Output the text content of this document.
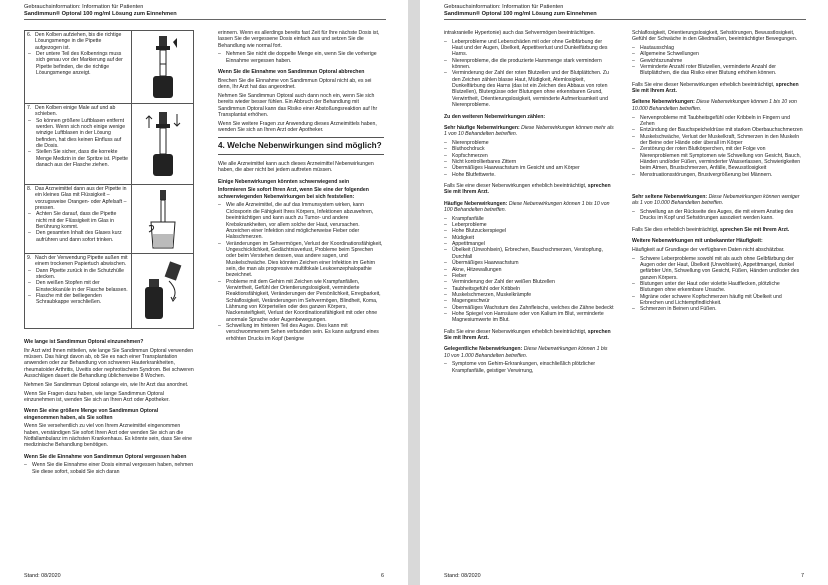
Gebrauchsinformation: Information für Patienten
Sandimmun® Optoral 100 mg/ml Lösung zum Einnehmen
6. Den Kolben aufziehen, bis die richtige Lösungsmenge in die Pipette aufgezogen ist.
– Der untere Teil des Kolbenrings muss sich genau vor der Markierung auf der Pipette befinden, die die richtige Lösungsmenge anzeigt.
7. Den Kolben einige Male auf und ab schieben.
– So können größere Luftblasen entfernt werden. Wenn sich noch einige wenige winzige Luftblasen in der Lösung befinden, hat dies keinen Einfluss auf die Dosis.
– Stellen Sie sicher, dass die korrekte Menge Medizin in der Spritze ist. Pipette danach aus der Flasche ziehen.
8. Das Arzneimittel dann aus der Pipette in ein kleines Glas mit Flüssigkeit – vorzugsweise Orangen- oder Apfelsaft – pressen.
– Achten Sie darauf, dass die Pipette nicht mit der Flüssigkeit im Glas in Berührung kommt.
– Den gesamten Inhalt des Glases kurz aufrühren und dann sofort trinken.
9. Nach der Verwendung Pipette außen mit einem trockenen Papiertuch abwischen.
– Dann Pipette zurück in die Schutzhülle stecken.
– Den weißen Stopfen mit der Einsteckkanüle in der Flasche belassen.
– Flasche mit der beiliegenden Schraubkappe verschließen.

Wie lange ist Sandimmun Optoral einzunehmen?

Ihr Arzt wird Ihnen mitteilen, wie lange Sie Sandimmun Optoral verwenden müssen. Das hängt davon ab, ob Sie es nach einer Transplantation anwenden oder zur Behandlung von schweren Hauterkrankheiten, rheumatoider Arthritis, Uveitis oder nephrotischem Syndrom. Bei schweren Ausschlägen dauert die Behandlung üblicherweise 8 Wochen.

Nehmen Sie Sandimmun Optoral solange ein, wie Ihr Arzt das anordnet.

Wenn Sie Fragen dazu haben, wie lange Sandimmun Optoral einzunehmen ist, wenden Sie sich an Ihren Arzt oder Apotheker.

Wenn Sie eine größere Menge von Sandimmun Optoral eingenommen haben, als Sie sollten

Wenn Sie versehentlich zu viel von Ihrem Arzneimittel eingenommen haben, verständigen Sie sofort Ihren Arzt oder wenden Sie sich an die Notfallambulanz im nächsten Krankenhaus. Es könnte sein, dass Sie eine medizinische Behandlung benötigen.

Wenn Sie die Einnahme von Sandimmun Optoral vergessen haben

– Wenn Sie die Einnahme einer Dosis einmal vergessen haben, nehmen Sie diese sofort, sobald Sie sich daran

erinnern. Wenn es allerdings bereits fast Zeit für Ihre nächste Dosis ist, lassen Sie die vergessene Dosis einfach aus und setzen Sie die Behandlung wie normal fort.

– Nehmen Sie nicht die doppelte Menge ein, wenn Sie die vorherige Einnahme vergessen haben.

Wenn Sie die Einnahme von Sandimmun Optoral abbrechen

Brechen Sie die Einnahme von Sandimmun Optoral nicht ab, es sei denn, Ihr Arzt hat das angeordnet.

Nehmen Sie Sandimmun Optoral auch dann noch ein, wenn Sie sich bereits wieder besser fühlen. Ein Abbruch der Behandlung mit Sandimmun Optoral kann das Risiko einer Abstoßungsreaktion auf Ihr Transplantat erhöhen.

Wenn Sie weitere Fragen zur Anwendung dieses Arzneimittels haben, wenden Sie sich an Ihren Arzt oder Apotheker.

4. Welche Nebenwirkungen sind möglich?

Wie alle Arzneimittel kann auch dieses Arzneimittel Nebenwirkungen haben, die aber nicht bei jedem auftreten müssen.

Einige Nebenwirkungen könnten schwerwiegend sein

Informieren Sie sofort Ihren Arzt, wenn Sie eine der folgenden schwerwiegenden Nebenwirkungen bei sich feststellen:

– Wie alle Arzneimittel, die auf das Immunsystem wirken, kann Ciclosporin die Fähigkeit Ihres Körpers, Infektionen abzuwehren, beeinträchtigen und kann auch zu Tumor- und andere Krebskrankheiten, vor allem solche der Haut, verursachen. Anzeichen einer Infektion sind möglicherweise Fieber oder Halsschmerzen.
– Veränderungen im Sehvermögen, Verlust der Koordinationsfähigkeit, Ungeschicklichkeit, Gedächtnisverlust, Probleme beim Sprechen oder beim Verstehen dessen, was andere sagen, und Muskelschwäche. Dies könnten Zeichen einer Infektion im Gehirn sein, die man als progressive multifokale Leukoenzephalopathie bezeichnet.
– Probleme mit dem Gehirn mit Zeichen wie Krampfanfällen, Verwirrtheit, Gefühl der Orientierungslosigkeit, verminderte Reaktionsfähigkeit, Veränderungen der Persönlichkeit, Erregbarkeit, Schlaflosigkeit, Veränderungen im Sehvermögen, Blindheit, Koma, Lähmung von Körperteilen oder des ganzen Körpers, Nackensteifigkeit, Verlust der Koordinationsfähigkeit mit oder ohne anormale Sprache oder Augenbewegungen.
– Schwellung im hinteren Teil des Auges. Dies kann mit verschwommenem Sehen verbunden sein. Es kann aufgrund eines erhöhten Drucks im Kopf (benigne
Stand: 08/2020	6
Gebrauchsinformation: Information für Patienten
Sandimmun® Optoral 100 mg/ml Lösung zum Einnehmen

intrakranielle Hypertonie) auch das Sehvermögen beeinträchtigen.

– Leberprobleme und Leberschäden mit oder ohne Gelbfärbung der Haut und der Augen, Übelkeit, Appetitverlust und Dunkelfärbung des Harns.
– Nierenprobleme, die die produzierte Harnmenge stark vermindern können.
– Verminderung der Zahl der roten Blutzellen und der Blutplättchen. Zu den Zeichen zählen blasse Haut, Müdigkeit, Atemlosigkeit, Dunkelfärbung des Harns (das ist ein Zeichen des Abbaus von roten Blutzellen), Blutergüsse oder Blutungen ohne erkennbaren Grund, Verwirrtheit, Orientierungslosigkeit, verminderte Aufmerksamkeit und Nierenprobleme.

Zu den weiteren Nebenwirkungen zählen:

Sehr häufige Nebenwirkungen: Diese Nebenwirkungen können mehr als 1 von 10 Behandelten betreffen.

– Nierenprobleme
– Bluthochdruck
– Kopfschmerzen
– Nicht kontrollierbares Zittern
– Übermäßiges Haarwachstum im Gesicht und am Körper
– Hohe Blutfettwerte.

Falls Sie eine dieser Nebenwirkungen erheblich beeinträchtigt, sprechen Sie mit Ihrem Arzt.

Häufige Nebenwirkungen: Diese Nebenwirkungen können 1 bis 10 von 100 Behandelten betreffen.

– Krampfanfälle
– Leberprobleme
– Hohe Blutzuckerspiegel
– Müdigkeit
– Appetitmangel
– Übelkeit (Unwohlsein), Erbrechen, Bauchschmerzen, Verstopfung, Durchfall
– Übermäßiges Haarwachstum
– Akne, Hitzewallungen
– Fieber
– Verminderung der Zahl der weißen Blutzellen
– Taubheitsgefühl oder Kribbeln
– Muskelschmerzen, Muskelkrämpfe
– Magengeschwür
– Übermäßiges Wachstum des Zahnfleischs, welches die Zähne bedeckt
– Hohe Spiegel von Harnsäure oder von Kalium im Blut, verminderte Magnesiumwerte im Blut.

Falls Sie eine dieser Nebenwirkungen erheblich beeinträchtigt, sprechen Sie mit Ihrem Arzt.

Gelegentliche Nebenwirkungen: Diese Nebenwirkungen können 1 bis 10 von 1.000 Behandelten betreffen.

– Symptome von Gehirn-Erkrankungen, einschließlich plötzlicher Krampfanfälle, geistiger Verwirrung,

Schlaflosigkeit, Orientierungslosigkeit, Sehstörungen, Bewusstlosigkeit, Gefühl der Schwäche in den Gliedmaßen, beeinträchtigter Bewegungen.

– Hautausschlag
– Allgemeine Schwellungen
– Gewichtszunahme
– Verminderte Anzahl roter Blutzellen, verminderte Anzahl der Blutplättchen, die das Risiko einer Blutung erhöhen können.

Falls Sie eine dieser Nebenwirkungen erheblich beeinträchtigt, sprechen Sie mit Ihrem Arzt.

Seltene Nebenwirkungen: Diese Nebenwirkungen können 1 bis 10 von 10.000 Behandelten betreffen.

– Nervenprobleme mit Taubheitsgefühl oder Kribbeln in Fingern und Zehen
– Entzündung der Bauchspeicheldrüse mit starken Oberbauchschmerzen
– Muskelschwäche, Verlust der Muskelkraft, Schmerzen in den Muskeln der Beine oder Hände oder überall im Körper
– Zerstörung der roten Blutkörperchen, mit der Folge von Nierenproblemen mit Symptomen wie Schwellung von Gesicht, Bauch, Händen und/oder Füßen, verminderter Wasserlassen, Schwierigkeiten beim Atmen, Brustschmerzen, Anfälle, Bewusstlosigkeit
– Menstruationsstörungen, Brustvergrößerung bei Männern.

Sehr seltene Nebenwirkungen: Diese Nebenwirkungen können weniger als 1 von 10.000 Behandelten betreffen.

– Schwellung an der Rückseite des Auges, die mit einem Anstieg des Drucks im Kopf und Sehstörungen assoziiert werden kann.

Falls Sie dies erheblich beeinträchtigt, sprechen Sie mit Ihrem Arzt.

Weitere Nebenwirkungen mit unbekannter Häufigkeit:

Häufigkeit auf Grundlage der verfügbaren Daten nicht abschätzbar.

– Schwere Leberprobleme sowohl mit als auch ohne Gelbfärbung der Augen oder der Haut, Übelkeit (Unwohlsein), Appetitmangel, dunkel gefärbter Urin, Schwellung von Gesicht, Füßen, Händen und/oder des ganzen Körpers.
– Blutungen unter der Haut oder violette Hautflecken, plötzliche Blutungen ohne erkennbare Ursache.
– Migräne oder schwere Kopfschmerzen häufig mit Übelkeit und Erbrechen und Lichtempfindlichkeit.
– Schmerzen in Beinen und Füßen.
Stand: 08/2020	7
